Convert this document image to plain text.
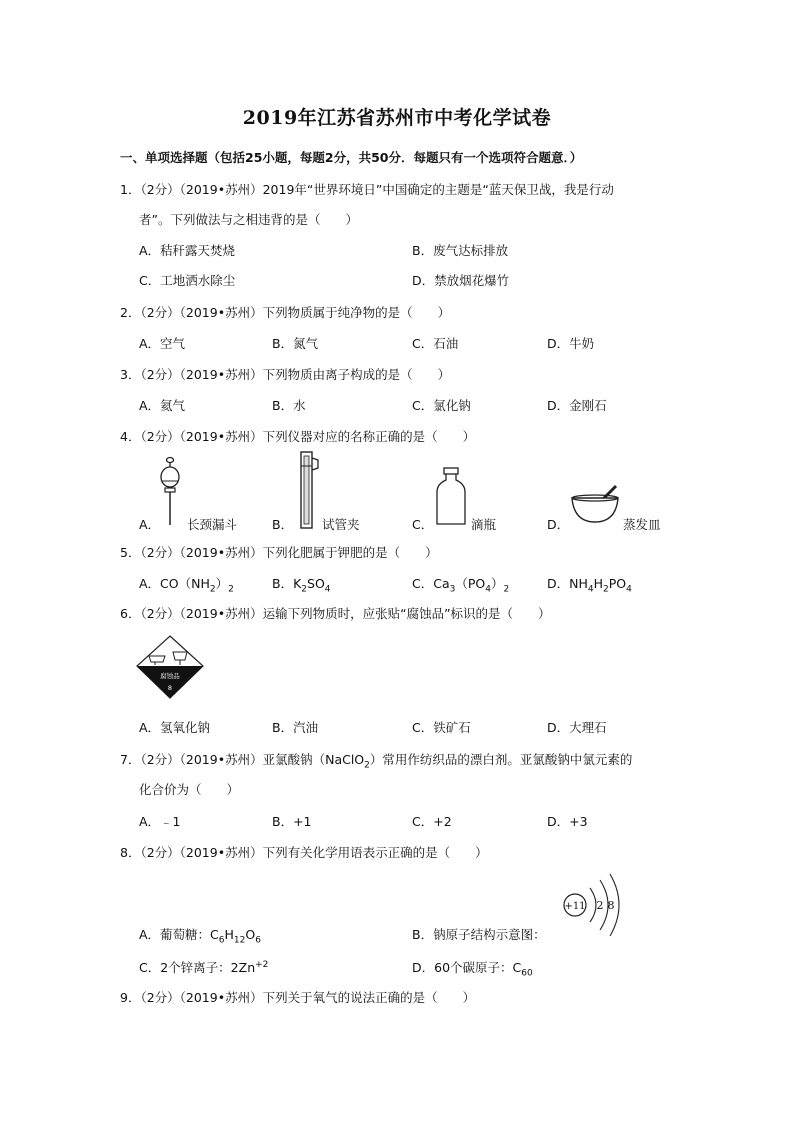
2019年江苏省苏州市中考化学试卷
一、单项选择题（包括25小题，每题2分，共50分．每题只有一个选项符合题意．）
1．（2分）（2019•苏州）2019年“世界环境日”中国确定的主题是“蓝天保卫战，我是行动
者”。下列做法与之相违背的是（　　）
A．秸秆露天焚烧	B．废气达标排放
C．工地洒水除尘	D．禁放烟花爆竹
2．（2分）（2019•苏州）下列物质属于纯净物的是（　　）
A．空气	B．氮气	C．石油	D．牛奶
3．（2分）（2019•苏州）下列物质由离子构成的是（　　）
A．氦气	B．水	C．氯化钠	D．金刚石
4．（2分）（2019•苏州）下列仪器对应的名称正确的是（　　）
A． 长颈漏斗	B． 试管夹	C．	滴瓶	D．	蒸发皿
5．（2分）（2019•苏州）下列化肥属于钾肥的是（　　）
A．$CO(NH_2)_2$	B．$K_2SO_4$	C．$Ca_3(PO_4)_2$	D．$NH_4H_2PO_4$
6．（2分）（2019•苏州）运输下列物质时，应张贴“腐蚀品”标识的是（　　）
腐蚀品
8
A．氢氧化钠	B．汽油	C．铁矿石	D．大理石
7．（2分）（2019•苏州）亚氯酸钠（NaClO$_2$）常用作纺织品的漂白剂。亚氯酸钠中氯元素的
化合价为（　　）
A．﹣1	B．+1	C．+2	D．+3
8．（2分）（2019•苏州）下列有关化学用语表示正确的是（　　）
+11 2 8
A．葡萄糖：$C_6H_{12}O_6$	B．钠原子结构示意图：
C．2个锌离子：$2Zn^{+2}$	D．60个碳原子：$C_{60}$
9．（2分）（2019•苏州）下列关于氧气的说法正确的是（　　）
